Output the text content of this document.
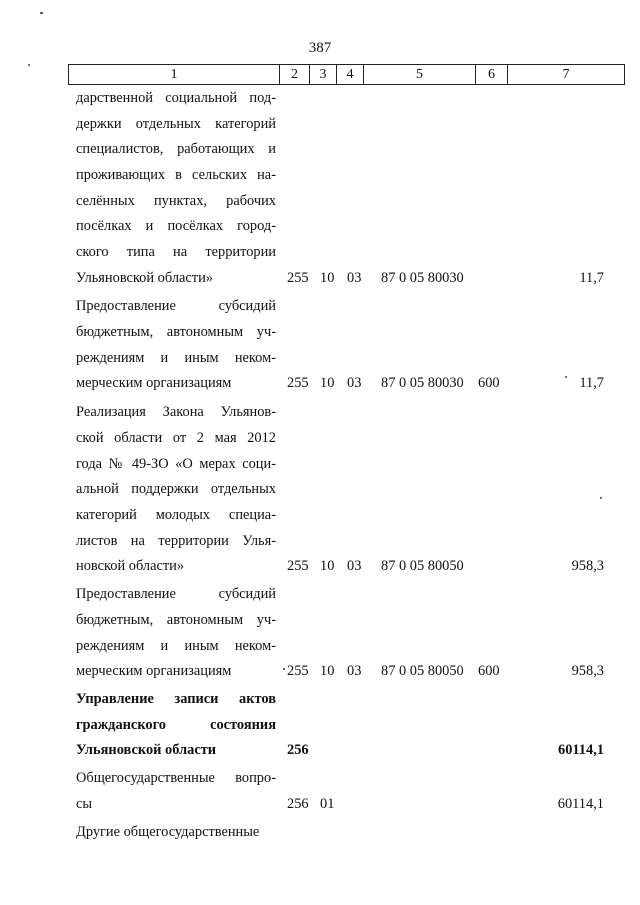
387
1	2	3	4	5	6	7
дарственной социальной под-
держки отдельных категорий
специалистов, работающих и
проживающих в сельских на-
селённых пунктах, рабочих
посёлках и посёлках город-
ского типа на территории
Ульяновской области»	255 10 03 87 0 05 80030	11,7
Предоставление субсидий
бюджетным, автономным уч-
реждениям и иным неком-
мерческим организациям	255 10 03 87 0 05 80030 600	11,7
Реализация Закона Ульянов-
ской области от 2 мая 2012
года № 49-ЗО «О мерах соци-
альной поддержки отдельных
категорий молодых специа-
листов на территории Улья-
новской области»	255 10 03 87 0 05 80050	958,3
Предоставление субсидий
бюджетным, автономным уч-
реждениям и иным неком-
мерческим организациям	255 10 03 87 0 05 80050 600	958,3
Управление записи актов
гражданского состояния
Ульяновской области	256	60114,1
Общегосударственные вопро-
сы	256 01	60114,1
Другие общегосударственные
